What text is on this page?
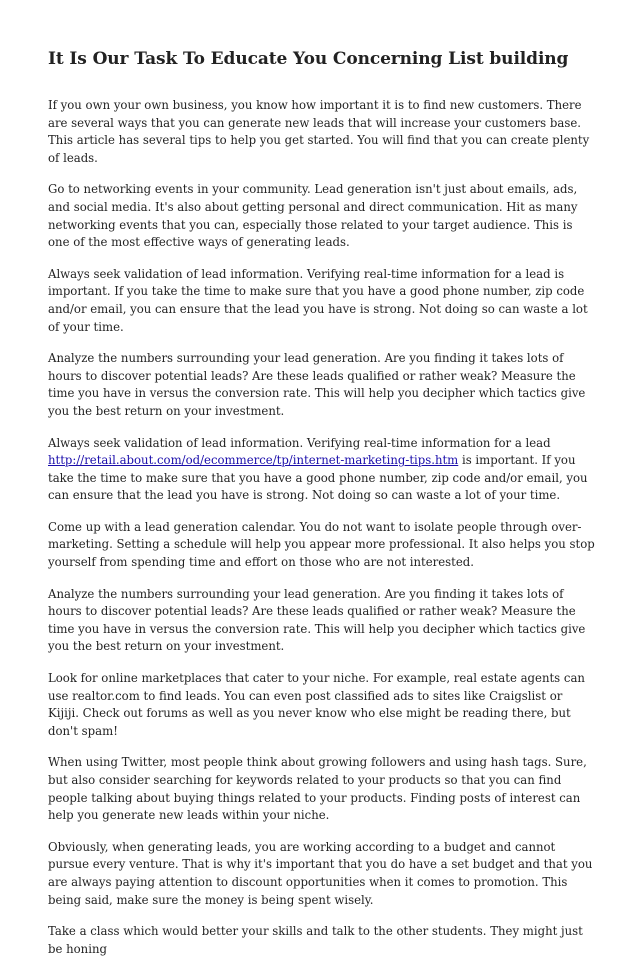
It Is Our Task To Educate You Concerning List building

If you own your own business, you know how important it is to find new customers. There are several ways that you can generate new leads that will increase your customers base. This article has several tips to help you get started. You will find that you can create plenty of leads.

Go to networking events in your community. Lead generation isn't just about emails, ads, and social media. It's also about getting personal and direct communication. Hit as many networking events that you can, especially those related to your target audience. This is one of the most effective ways of generating leads.

Always seek validation of lead information. Verifying real-time information for a lead is important. If you take the time to make sure that you have a good phone number, zip code and/or email, you can ensure that the lead you have is strong. Not doing so can waste a lot of your time.

Analyze the numbers surrounding your lead generation. Are you finding it takes lots of hours to discover potential leads? Are these leads qualified or rather weak? Measure the time you have in versus the conversion rate. This will help you decipher which tactics give you the best return on your investment.

Always seek validation of lead information. Verifying real-time information for a lead http://retail.about.com/od/ecommerce/tp/internet-marketing-tips.htm is important. If you take the time to make sure that you have a good phone number, zip code and/or email, you can ensure that the lead you have is strong. Not doing so can waste a lot of your time.

Come up with a lead generation calendar. You do not want to isolate people through over-marketing. Setting a schedule will help you appear more professional. It also helps you stop yourself from spending time and effort on those who are not interested.

Analyze the numbers surrounding your lead generation. Are you finding it takes lots of hours to discover potential leads? Are these leads qualified or rather weak? Measure the time you have in versus the conversion rate. This will help you decipher which tactics give you the best return on your investment.

Look for online marketplaces that cater to your niche. For example, real estate agents can use realtor.com to find leads. You can even post classified ads to sites like Craigslist or Kijiji. Check out forums as well as you never know who else might be reading there, but don't spam!

When using Twitter, most people think about growing followers and using hash tags. Sure, but also consider searching for keywords related to your products so that you can find people talking about buying things related to your products. Finding posts of interest can help you generate new leads within your niche.

Obviously, when generating leads, you are working according to a budget and cannot pursue every venture. That is why it's important that you do have a set budget and that you are always paying attention to discount opportunities when it comes to promotion. This being said, make sure the money is being spent wisely.

Take a class which would better your skills and talk to the other students. They might just be honing
